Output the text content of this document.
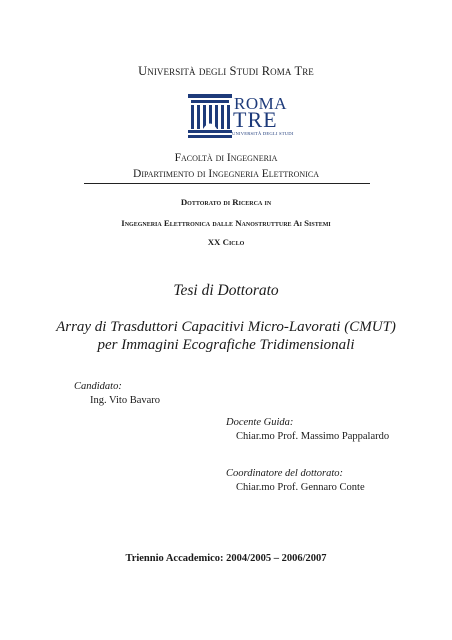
Università degli Studi Roma Tre
ROMA
TRE
UNIVERSITÀ DEGLI STUDI
Facoltà di Ingegneria
Dipartimento di Ingegneria Elettronica
Dottorato di Ricerca in
Ingegneria Elettronica dalle Nanostrutture Ai Sistemi
XX Ciclo
Tesi di Dottorato
Array di Trasduttori Capacitivi Micro-Lavorati (CMUT)
per Immagini Ecografiche Tridimensionali
Candidato:
Ing. Vito Bavaro
Docente Guida:
Chiar.mo Prof. Massimo Pappalardo
Coordinatore del dottorato:
Chiar.mo Prof. Gennaro Conte
Triennio Accademico: 2004/2005 – 2006/2007
